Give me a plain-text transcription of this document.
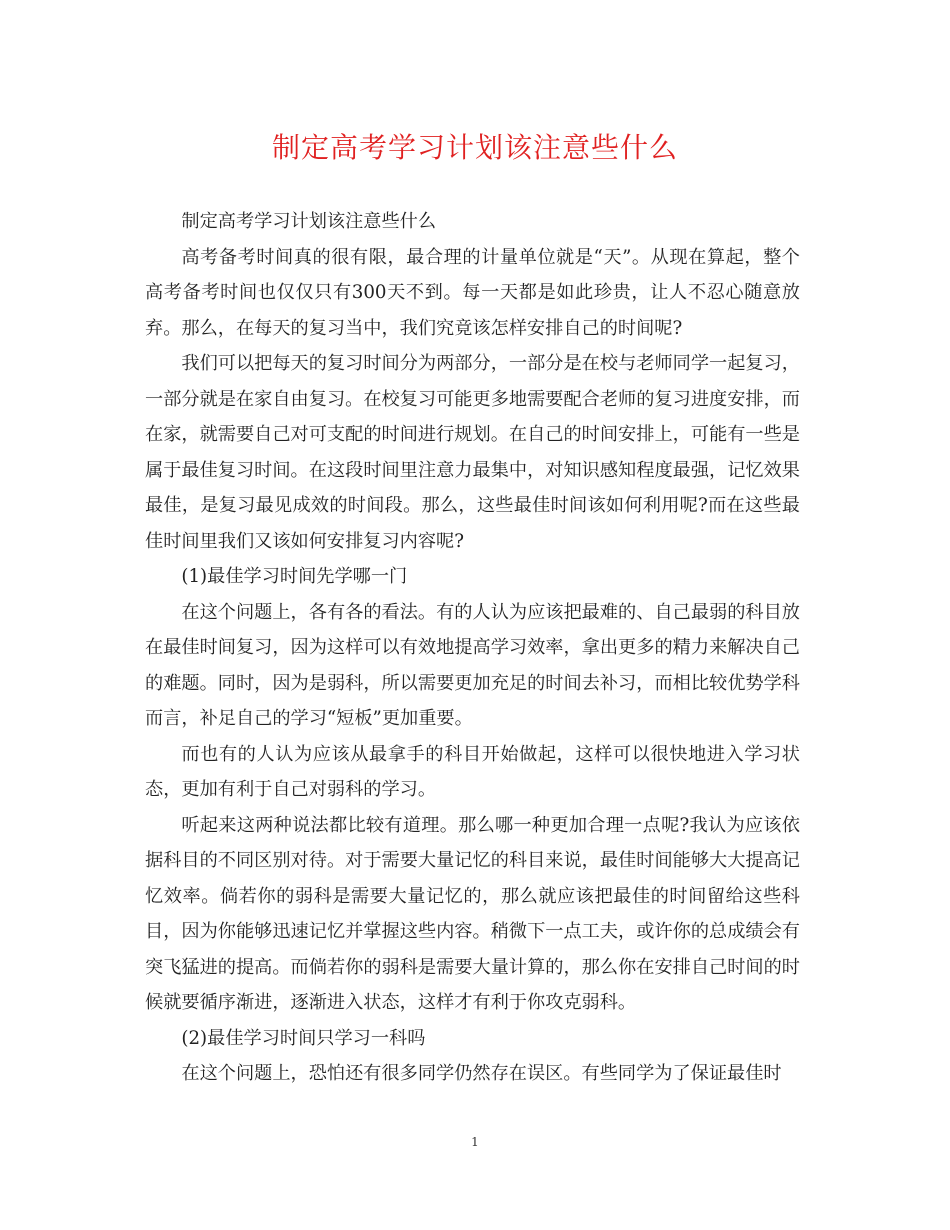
制定高考学习计划该注意些什么

制定高考学习计划该注意些什么

高考备考时间真的很有限，最合理的计量单位就是“天”。从现在算起，整个高考备考时间也仅仅只有300天不到。每一天都是如此珍贵，让人不忍心随意放弃。那么，在每天的复习当中，我们究竟该怎样安排自己的时间呢?

我们可以把每天的复习时间分为两部分，一部分是在校与老师同学一起复习，一部分就是在家自由复习。在校复习可能更多地需要配合老师的复习进度安排，而在家，就需要自己对可支配的时间进行规划。在自己的时间安排上，可能有一些是属于最佳复习时间。在这段时间里注意力最集中，对知识感知程度最强，记忆效果最佳，是复习最见成效的时间段。那么，这些最佳时间该如何利用呢?而在这些最佳时间里我们又该如何安排复习内容呢?

(1)最佳学习时间先学哪一门

在这个问题上，各有各的看法。有的人认为应该把最难的、自己最弱的科目放在最佳时间复习，因为这样可以有效地提高学习效率，拿出更多的精力来解决自己的难题。同时，因为是弱科，所以需要更加充足的时间去补习，而相比较优势学科而言，补足自己的学习“短板”更加重要。

而也有的人认为应该从最拿手的科目开始做起，这样可以很快地进入学习状态，更加有利于自己对弱科的学习。

听起来这两种说法都比较有道理。那么哪一种更加合理一点呢?我认为应该依据科目的不同区别对待。对于需要大量记忆的科目来说，最佳时间能够大大提高记忆效率。倘若你的弱科是需要大量记忆的，那么就应该把最佳的时间留给这些科目，因为你能够迅速记忆并掌握这些内容。稍微下一点工夫，或许你的总成绩会有突飞猛进的提高。而倘若你的弱科是需要大量计算的，那么你在安排自己时间的时候就要循序渐进，逐渐进入状态，这样才有利于你攻克弱科。

(2)最佳学习时间只学习一科吗

在这个问题上，恐怕还有很多同学仍然存在误区。有些同学为了保证最佳时

1
